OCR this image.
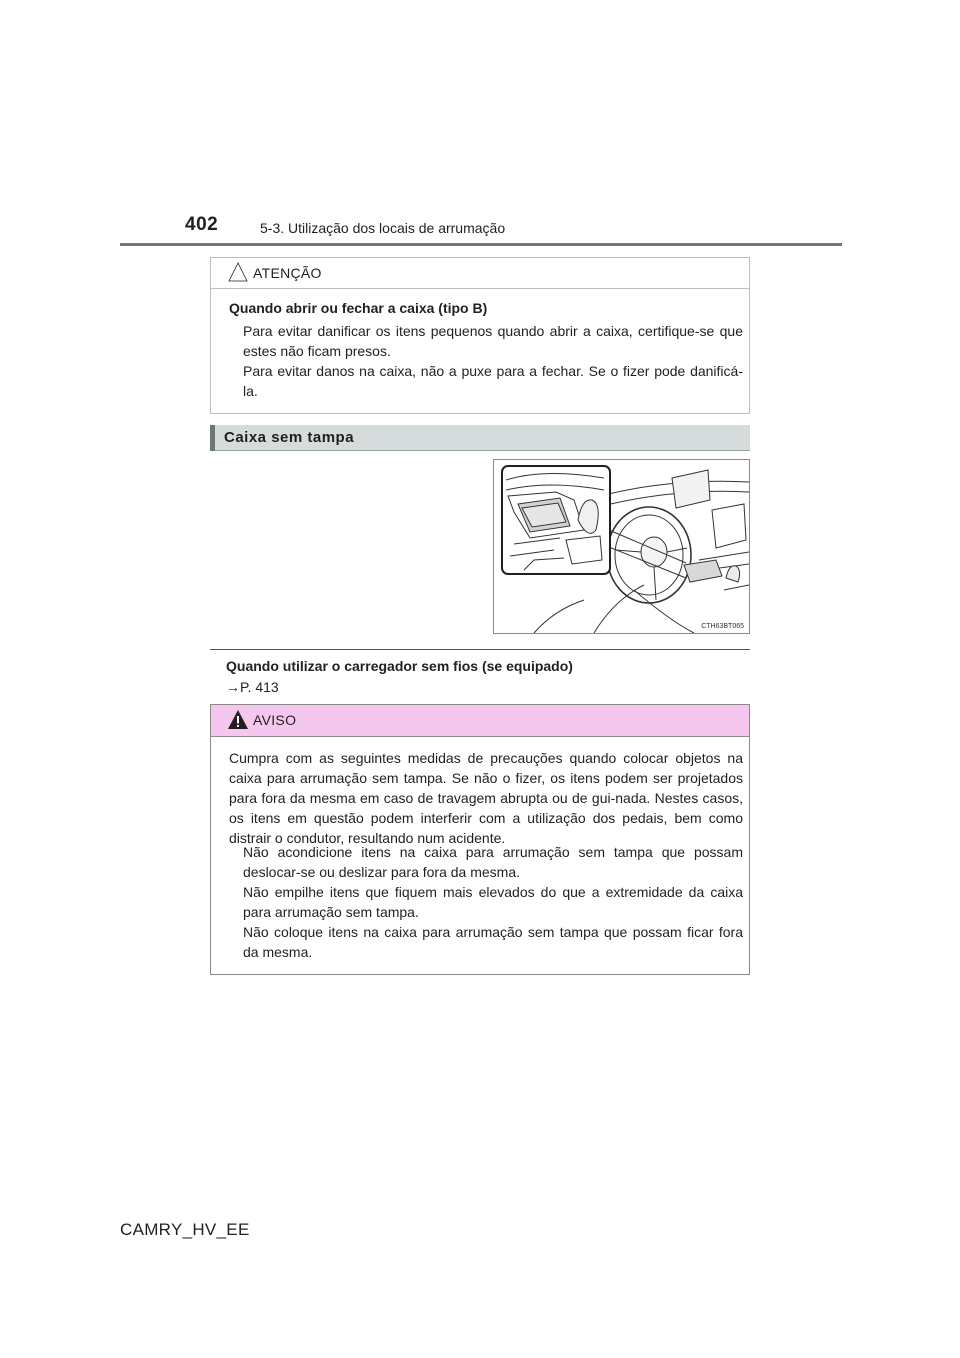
402	5-3. Utilização dos locais de arrumação
ATENÇÃO
Quando abrir ou fechar a caixa (tipo B)
Para evitar danificar os itens pequenos quando abrir a caixa, certifique-se que estes não ficam presos.
Para evitar danos na caixa, não a puxe para a fechar. Se o fizer pode danificá-la.
Caixa sem tampa
CTH63BT065
Quando utilizar o carregador sem fios (se equipado)
→P. 413
AVISO
Cumpra com as seguintes medidas de precauções quando colocar objetos na caixa para arrumação sem tampa. Se não o fizer, os itens podem ser projetados para fora da mesma em caso de travagem abrupta ou de gui-nada. Nestes casos, os itens em questão podem interferir com a utilização dos pedais, bem como distrair o condutor, resultando num acidente.
Não acondicione itens na caixa para arrumação sem tampa que possam deslocar-se ou deslizar para fora da mesma.
Não empilhe itens que fiquem mais elevados do que a extremidade da caixa para arrumação sem tampa.
Não coloque itens na caixa para arrumação sem tampa que possam ficar fora da mesma.
CAMRY_HV_EE
